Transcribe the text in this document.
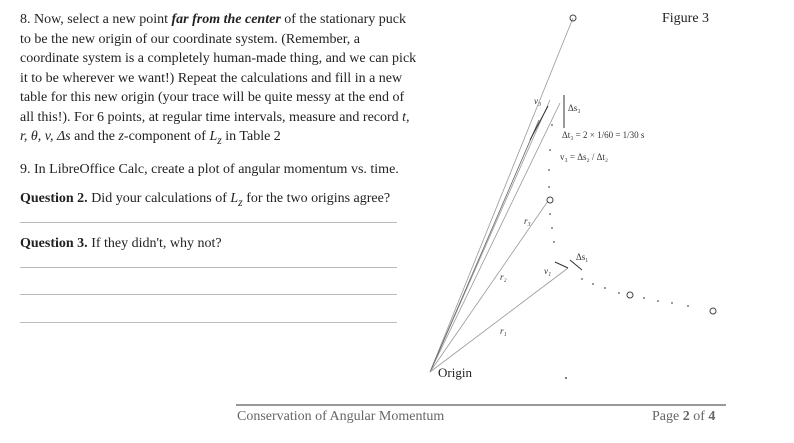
8. Now, select a new point far from the center of the stationary puck to be the new origin of our coordinate system. (Remember, a coordinate system is a completely human-made thing, and we can pick it to be wherever we want!) Repeat the calculations and fill in a new table for this new origin (your trace will be quite messy at the end of all this!). For 6 points, at regular time intervals, measure and record t, r, θ, v, Δs and the z-component of $L_z$ in Table 2
9. In LibreOffice Calc, create a plot of angular momentum vs. time.
Question 2. Did your calculations of $L_z$ for the two origins agree?
Question 3. If they didn't, why not?
v₃
Δs₃
Δt₃ = 2 × 1/60 = 1/30 s
v₃ = Δs₂ / Δt₂
r₃
r₂
r₁
v₁
Δs₁
Origin
Figure 3
Conservation of Angular Momentum	Page 2 of 4
